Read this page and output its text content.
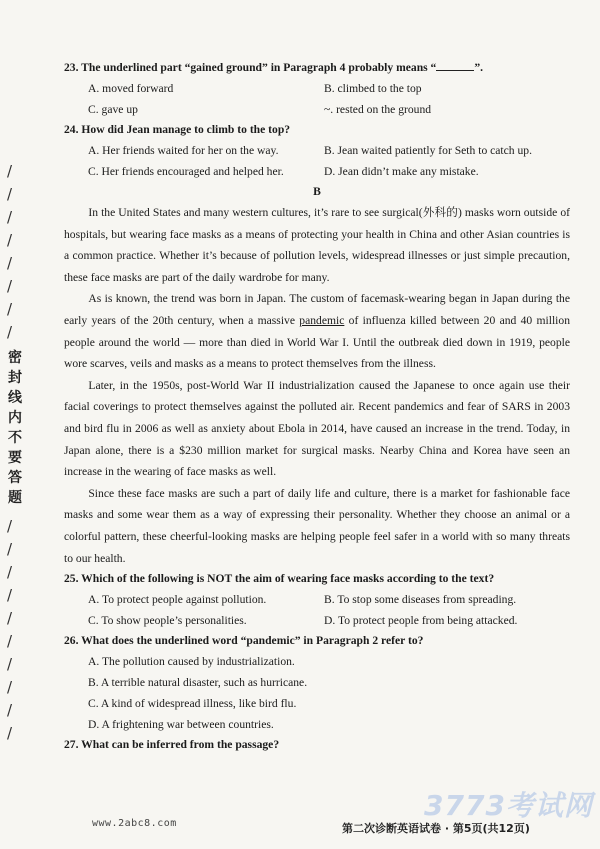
/
/
/
/
/
/
/
/
密
封
线
内
不
要
答
题
/
/
/
/
/
/
/
/
/
/

23. The underlined part “gained ground” in Paragraph 4 probably means “	”.

A. moved forward	B. climbed to the top
C. gave up	~. rested on the ground

24. How did Jean manage to climb to the top?

A. Her friends waited for her on the way.	B. Jean waited patiently for Seth to catch up.
C. Her friends encouraged and helped her.	D. Jean didn’t make any mistake.

B

In the United States and many western cultures, it’s rare to see surgical(外科的) masks worn outside of hospitals, but wearing face masks as a means of protecting your health in China and other Asian countries is a common practice. Whether it’s because of pollution levels, widespread illnesses or just simple precaution, these face masks are part of the daily wardrobe for many.

As is known, the trend was born in Japan. The custom of facemask-wearing began in Japan during the early years of the 20th century, when a massive pandemic of influenza killed between 20 and 40 million people around the world — more than died in World War I. Until the outbreak died down in 1919, people wore scarves, veils and masks as a means to protect themselves from the illness.

Later, in the 1950s, post-World War II industrialization caused the Japanese to once again use their facial coverings to protect themselves against the polluted air. Recent pandemics and fear of SARS in 2003 and bird flu in 2006 as well as anxiety about Ebola in 2014, have caused an increase in the trend. Today, in Japan alone, there is a $230 million market for surgical masks. Nearby China and Korea have seen an increase in the wearing of face masks as well.

Since these face masks are such a part of daily life and culture, there is a market for fashionable face masks and some wear them as a way of expressing their personality. Whether they choose an animal or a colorful pattern, these cheerful-looking masks are helping people feel safer in a world with so many threats to our health.

25. Which of the following is NOT the aim of wearing face masks according to the text?

A. To protect people against pollution.	B. To stop some diseases from spreading.
C. To show people’s personalities.	D. To protect people from being attacked.

26. What does the underlined word “pandemic” in Paragraph 2 refer to?

A. The pollution caused by industrialization.
B. A terrible natural disaster, such as hurricane.
C. A kind of widespread illness, like bird flu.
D. A frightening war between countries.

27. What can be inferred from the passage?

3773考试网
www.2abc8.com	第二次诊断英语试卷 · 第5页(共12页)
